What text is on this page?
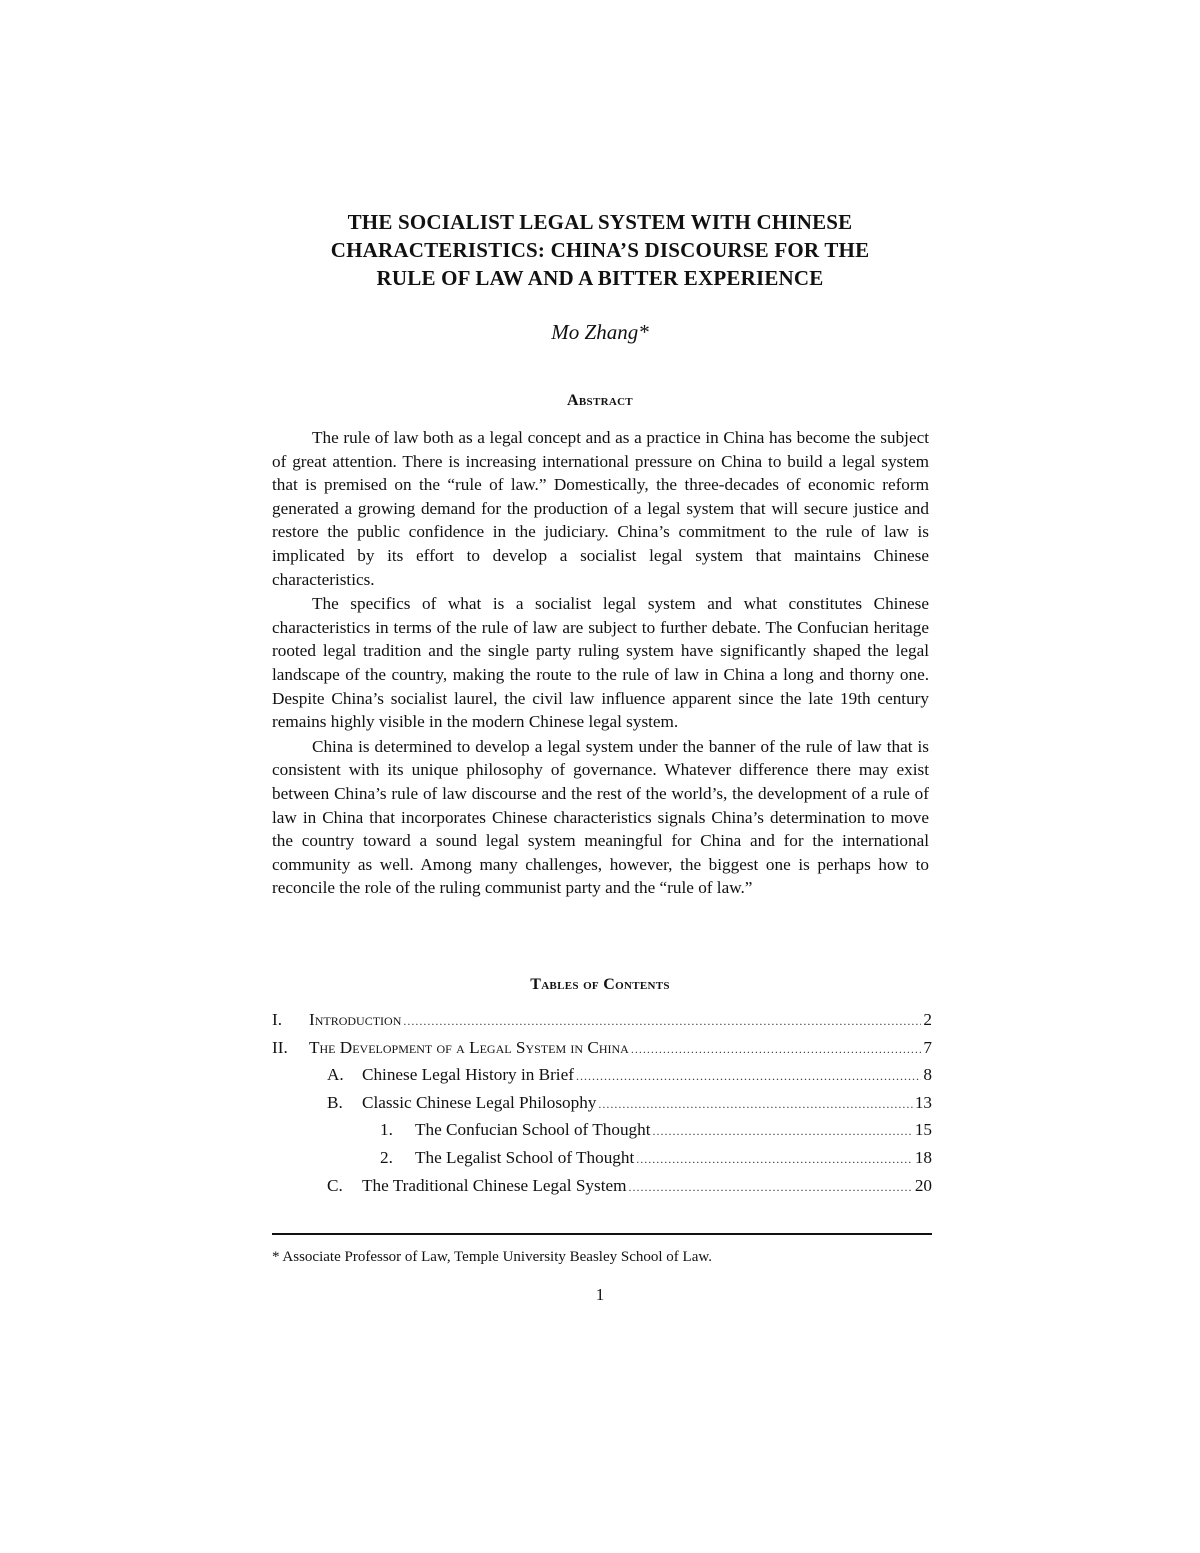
THE SOCIALIST LEGAL SYSTEM WITH CHINESE
CHARACTERISTICS: CHINA’S DISCOURSE FOR THE
RULE OF LAW AND A BITTER EXPERIENCE
Mo Zhang*
Abstract

The rule of law both as a legal concept and as a practice in China has become the subject of great attention. There is increasing international pressure on China to build a legal system that is premised on the “rule of law.” Domestically, the three-decades of economic reform generated a growing demand for the production of a legal system that will secure justice and restore the public confidence in the judiciary. China’s commitment to the rule of law is implicated by its effort to develop a socialist legal system that maintains Chinese characteristics.

The specifics of what is a socialist legal system and what constitutes Chinese characteristics in terms of the rule of law are subject to further debate. The Confucian heritage rooted legal tradition and the single party ruling system have significantly shaped the legal landscape of the country, making the route to the rule of law in China a long and thorny one. Despite China’s socialist laurel, the civil law influence apparent since the late 19th century remains highly visible in the modern Chinese legal system.

China is determined to develop a legal system under the banner of the rule of law that is consistent with its unique philosophy of governance. Whatever difference there may exist between China’s rule of law discourse and the rest of the world’s, the development of a rule of law in China that incorporates Chinese characteristics signals China’s determination to move the country toward a sound legal system meaningful for China and for the international community as well. Among many challenges, however, the biggest one is perhaps how to reconcile the role of the ruling communist party and the “rule of law.”

Tables of Contents
I.	Introduction .....	2
II.	The Development of a Legal System in China .....	7
A.	Chinese Legal History in Brief .....	8
B.	Classic Chinese Legal Philosophy .....	13
1.	The Confucian School of Thought .....	15
2.	The Legalist School of Thought .....	18
C.	The Traditional Chinese Legal System .....	20
* Associate Professor of Law, Temple University Beasley School of Law.
1
